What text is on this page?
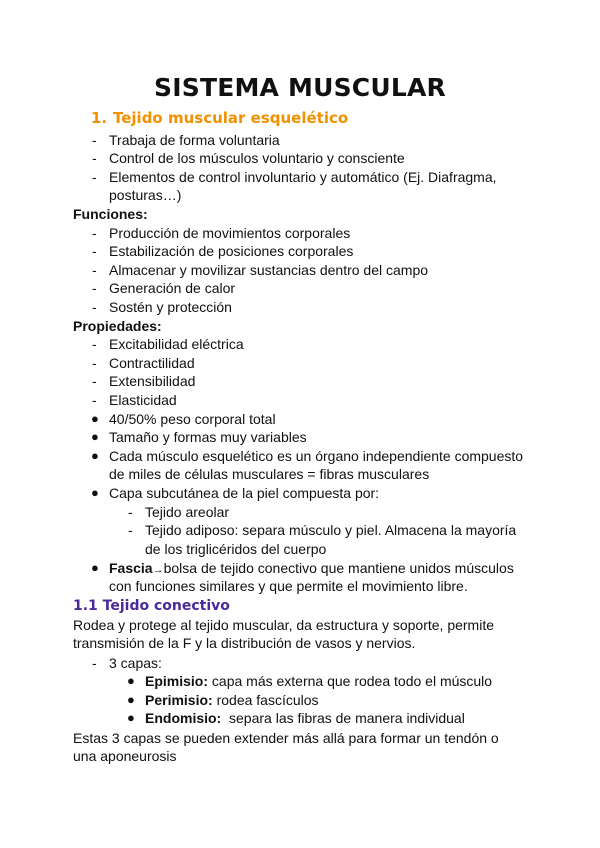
SISTEMA MUSCULAR
1. Tejido muscular esquelético
-
Trabaja de forma voluntaria
-
Control de los músculos voluntario y consciente
-
Elementos de control involuntario y automático (Ej. Diafragma,
posturas…)
Funciones:
-
Producción de movimientos corporales
-
Estabilización de posiciones corporales
-
Almacenar y movilizar sustancias dentro del campo
-
Generación de calor
-
Sostén y protección
Propiedades:
-
Excitabilidad eléctrica
-
Contractilidad
-
Extensibilidad
-
Elasticidad
● 40/50% peso corporal total
● Tamaño y formas muy variables
● Cada músculo esquelético es un órgano independiente compuesto
de miles de células musculares = fibras musculares
● Capa subcutánea de la piel compuesta por:
-
Tejido areolar
-
Tejido adiposo: separa músculo y piel. Almacena la mayoría
de los triglicéridos del cuerpo
● Fascia→bolsa de tejido conectivo que mantiene unidos músculos
con funciones similares y que permite el movimiento libre.
1.1 Tejido conectivo
Rodea y protege al tejido muscular, da estructura y soporte, permite
transmisión de la F y la distribución de vasos y nervios.
-
3 capas:
● Epimisio: capa más externa que rodea todo el músculo
● Perimisio: rodea fascículos
● Endomisio:  separa las fibras de manera individual
Estas 3 capas se pueden extender más allá para formar un tendón o
una aponeurosis
